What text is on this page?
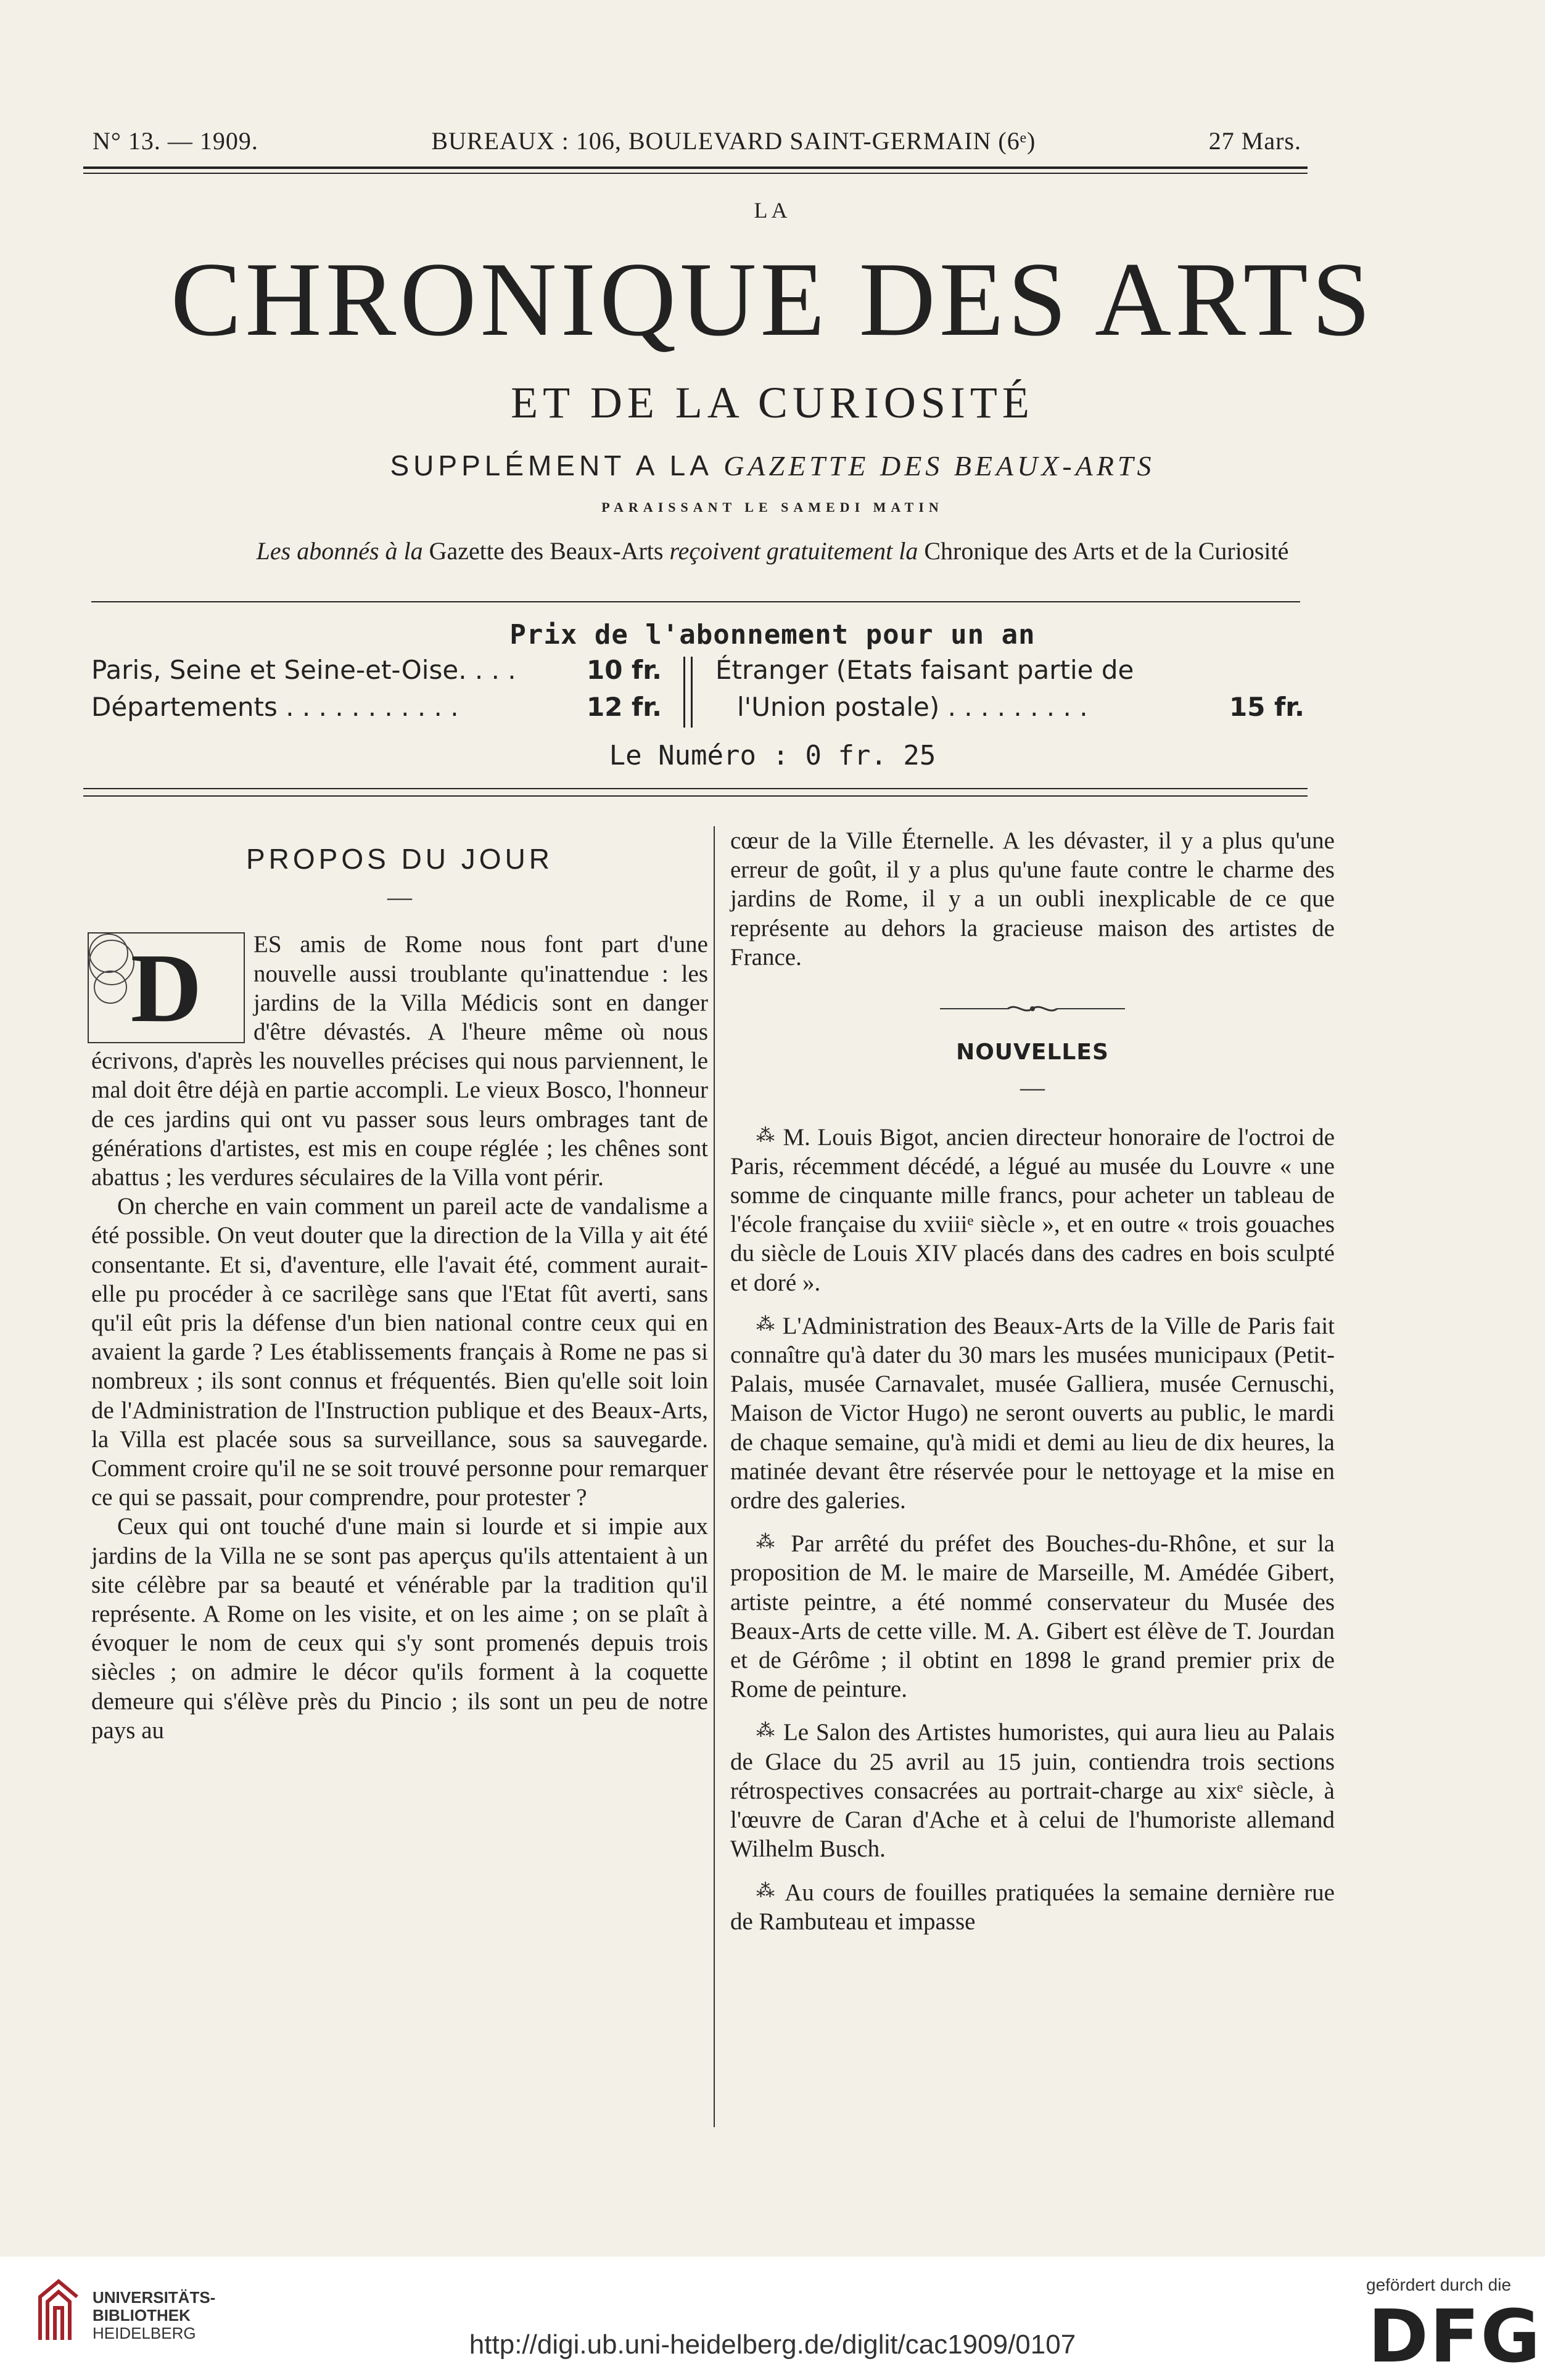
N° 13. — 1909.	BUREAUX : 106, BOULEVARD SAINT-GERMAIN (6ᵉ)	27 Mars.
LA
CHRONIQUE DES ARTS
ET DE LA CURIOSITÉ
SUPPLÉMENT A LA GAZETTE DES BEAUX-ARTS
PARAISSANT LE SAMEDI MATIN
Les abonnés à la Gazette des Beaux-Arts reçoivent gratuitement la Chronique des Arts et de la Curiosité
Prix de l'abonnement pour un an
Paris, Seine et Seine-et-Oise. . . .	10 fr.
Départements . . . . . . . . . . .	12 fr.
Étranger (Etats faisant partie de
l'Union postale) . . . . . . . . .	15 fr.
Le Numéro : 0 fr. 25
PROPOS DU JOUR
—

D	ES amis de Rome nous font part d'une nouvelle aussi troublante qu'inattendue : les jardins de la Villa Médicis sont en danger d'être dévastés. A l'heure même où nous écrivons, d'après les nouvelles précises qui nous parviennent, le mal doit être déjà en partie accompli. Le vieux Bosco, l'honneur de ces jardins qui ont vu passer sous leurs ombrages tant de générations d'artistes, est mis en coupe réglée ; les chênes sont abattus ; les verdures séculaires de la Villa vont périr.

On cherche en vain comment un pareil acte de vandalisme a été possible. On veut douter que la direction de la Villa y ait été consentante. Et si, d'aventure, elle l'avait été, comment aurait-elle pu procéder à ce sacrilège sans que l'Etat fût averti, sans qu'il eût pris la défense d'un bien national contre ceux qui en avaient la garde ? Les établissements français à Rome ne pas si nombreux ; ils sont connus et fréquentés. Bien qu'elle soit loin de l'Administration de l'Instruction publique et des Beaux-Arts, la Villa est placée sous sa surveillance, sous sa sauvegarde. Comment croire qu'il ne se soit trouvé personne pour remarquer ce qui se passait, pour comprendre, pour protester ?

Ceux qui ont touché d'une main si lourde et si impie aux jardins de la Villa ne se sont pas aperçus qu'ils attentaient à un site célèbre par sa beauté et vénérable par la tradition qu'il représente. A Rome on les visite, et on les aime ; on se plaît à évoquer le nom de ceux qui s'y sont promenés depuis trois siècles ; on admire le décor qu'ils forment à la coquette demeure qui s'élève près du Pincio ; ils sont un peu de notre pays au

cœur de la Ville Éternelle. A les dévaster, il y a plus qu'une erreur de goût, il y a plus qu'une faute contre le charme des jardins de Rome, il y a un oubli inexplicable de ce que représente au dehors la gracieuse maison des artistes de France.

NOUVELLES
—

⁂ M. Louis Bigot, ancien directeur honoraire de l'octroi de Paris, récemment décédé, a légué au musée du Louvre « une somme de cinquante mille francs, pour acheter un tableau de l'école française du xviiiᵉ siècle », et en outre « trois gouaches du siècle de Louis XIV placés dans des cadres en bois sculpté et doré ».

⁂ L'Administration des Beaux-Arts de la Ville de Paris fait connaître qu'à dater du 30 mars les musées municipaux (Petit-Palais, musée Carnavalet, musée Galliera, musée Cernuschi, Maison de Victor Hugo) ne seront ouverts au public, le mardi de chaque semaine, qu'à midi et demi au lieu de dix heures, la matinée devant être réservée pour le nettoyage et la mise en ordre des galeries.

⁂ Par arrêté du préfet des Bouches-du-Rhône, et sur la proposition de M. le maire de Marseille, M. Amédée Gibert, artiste peintre, a été nommé conservateur du Musée des Beaux-Arts de cette ville. M. A. Gibert est élève de T. Jourdan et de Gérôme ; il obtint en 1898 le grand premier prix de Rome de peinture.

⁂ Le Salon des Artistes humoristes, qui aura lieu au Palais de Glace du 25 avril au 15 juin, contiendra trois sections rétrospectives consacrées au portrait-charge au xixᵉ siècle, à l'œuvre de Caran d'Ache et à celui de l'humoriste allemand Wilhelm Busch.

⁂ Au cours de fouilles pratiquées la semaine dernière rue de Rambuteau et impasse

UNIVERSITÄTS-
BIBLIOTHEK
HEIDELBERG	http://digi.ub.uni-heidelberg.de/diglit/cac1909/0107
gefördert durch die
DFG
